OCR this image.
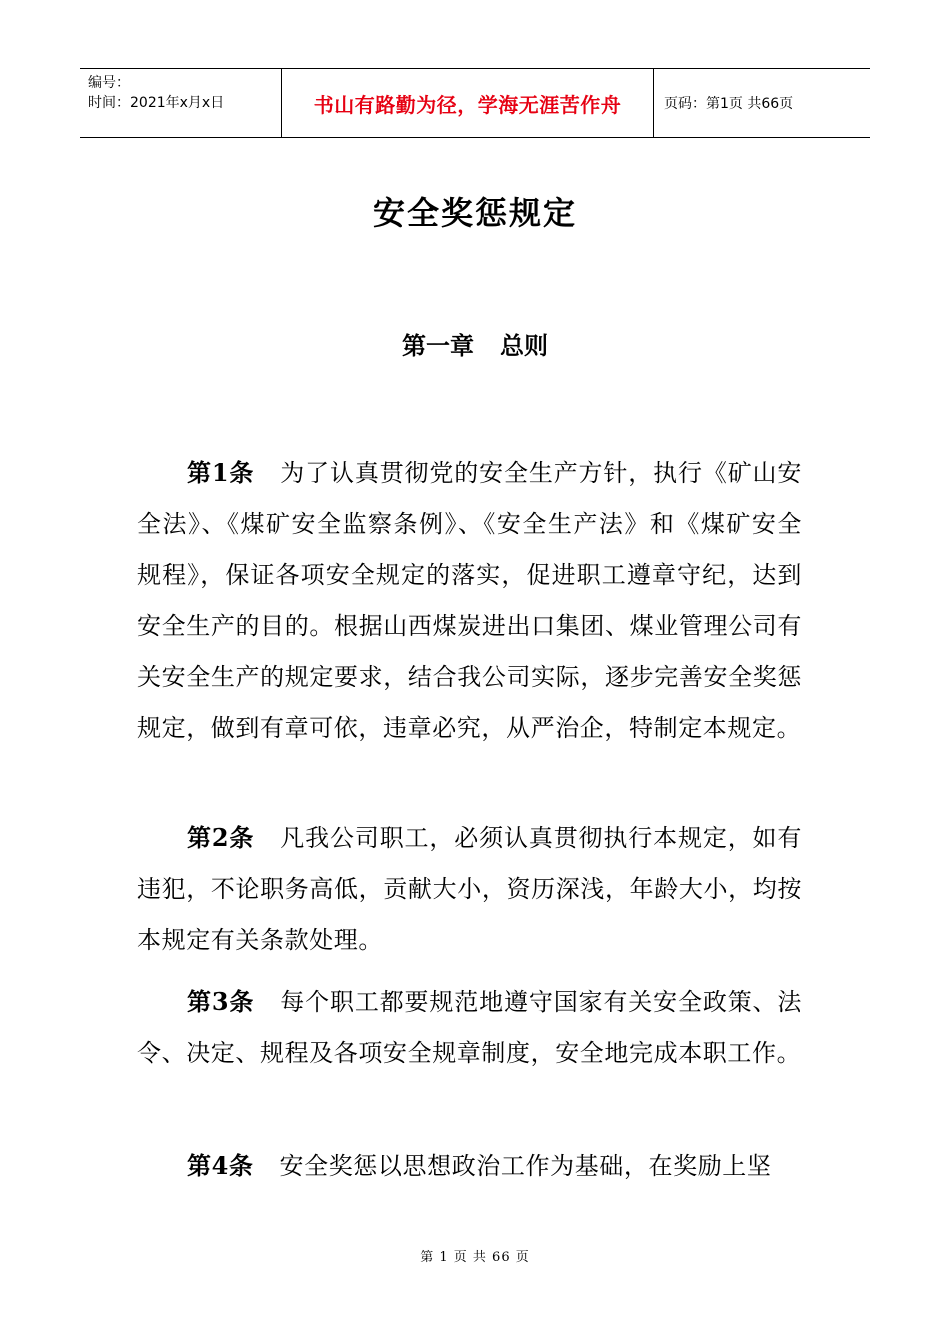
编号：
时间：2021年x月x日	书山有路勤为径，学海无涯苦作舟	页码：第1页 共66页
安全奖惩规定
第一章 总则
第1条 为了认真贯彻党的安全生产方针，执行《矿山安全法》、《煤矿安全监察条例》、《安全生产法》和《煤矿安全规程》，保证各项安全规定的落实，促进职工遵章守纪，达到安全生产的目的。根据山西煤炭进出口集团、煤业管理公司有关安全生产的规定要求，结合我公司实际，逐步完善安全奖惩规定，做到有章可依，违章必究，从严治企，特制定本规定。
第2条 凡我公司职工，必须认真贯彻执行本规定，如有违犯，不论职务高低，贡献大小，资历深浅，年龄大小，均按本规定有关条款处理。
第3条 每个职工都要规范地遵守国家有关安全政策、法令、决定、规程及各项安全规章制度，安全地完成本职工作。
第4条 安全奖惩以思想政治工作为基础，在奖励上坚
第 1 页 共 66 页
